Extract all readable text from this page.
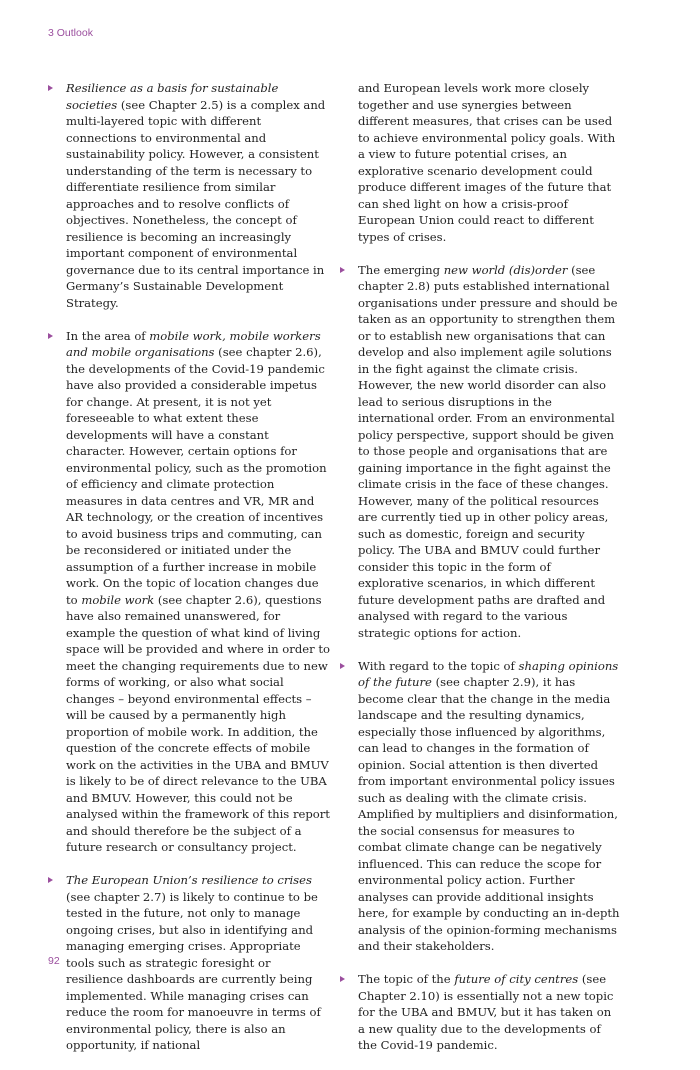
3 Outlook

Resilience as a basis for sustainable societies (see Chapter 2.5) is a complex and multi-layered topic with different connections to environmental and sustainability policy. However, a consistent understanding of the term is necessary to differentiate resilience from similar approaches and to resolve conflicts of objectives. Nonetheless, the concept of resilience is becoming an increasingly important component of environmental governance due to its central importance in Germany’s Sustainable Development Strategy.

In the area of mobile work, mobile workers and mobile organisations (see chapter 2.6), the developments of the Covid-19 pandemic have also provided a considerable impetus for change. At present, it is not yet foreseeable to what extent these developments will have a constant character. However, certain options for environmental policy, such as the promotion of efficiency and climate protection measures in data centres and VR, MR and AR technology, or the creation of incentives to avoid business trips and commuting, can be reconsidered or initiated under the assumption of a further increase in mobile work. On the topic of location changes due to mobile work (see chapter 2.6), questions have also remained unanswered, for example the question of what kind of living space will be provided and where in order to meet the changing requirements due to new forms of working, or also what social changes – beyond environmental effects – will be caused by a permanently high proportion of mobile work. In addition, the question of the concrete effects of mobile work on the activities in the UBA and BMUV is likely to be of direct relevance to the UBA and BMUV. However, this could not be analysed within the framework of this report and should therefore be the subject of a future research or consultancy project.

The European Union’s resilience to crises (see chapter 2.7) is likely to continue to be tested in the future, not only to manage ongoing crises, but also in identifying and managing emerging crises. Appropriate tools such as strategic foresight or resilience dashboards are currently being implemented. While managing crises can reduce the room for manoeuvre in terms of environmental policy, there is also an opportunity, if national

and European levels work more closely together and use synergies between different measures, that crises can be used to achieve environmental policy goals. With a view to future potential crises, an explorative scenario development could produce different images of the future that can shed light on how a crisis-proof European Union could react to different types of crises.

The emerging new world (dis)order (see chapter 2.8) puts established international organisations under pressure and should be taken as an opportunity to strengthen them or to establish new organisations that can develop and also implement agile solutions in the fight against the climate crisis. However, the new world disorder can also lead to serious disruptions in the international order. From an environmental policy perspective, support should be given to those people and organisations that are gaining importance in the fight against the climate crisis in the face of these changes. However, many of the political resources are currently tied up in other policy areas, such as domestic, foreign and security policy. The UBA and BMUV could further consider this topic in the form of explorative scenarios, in which different future development paths are drafted and analysed with regard to the various strategic options for action.

With regard to the topic of shaping opinions of the future (see chapter 2.9), it has become clear that the change in the media landscape and the resulting dynamics, especially those influenced by algorithms, can lead to changes in the formation of opinion. Social attention is then diverted from important environmental policy issues such as dealing with the climate crisis. Amplified by multipliers and disinformation, the social consensus for measures to combat climate change can be negatively influenced. This can reduce the scope for environmental policy action. Further analyses can provide additional insights here, for example by conducting an in-depth analysis of the opinion-forming mechanisms and their stakeholders.

The topic of the future of city centres (see Chapter 2.10) is essentially not a new topic for the UBA and BMUV, but it has taken on a new quality due to the developments of the Covid-19 pandemic.

92
